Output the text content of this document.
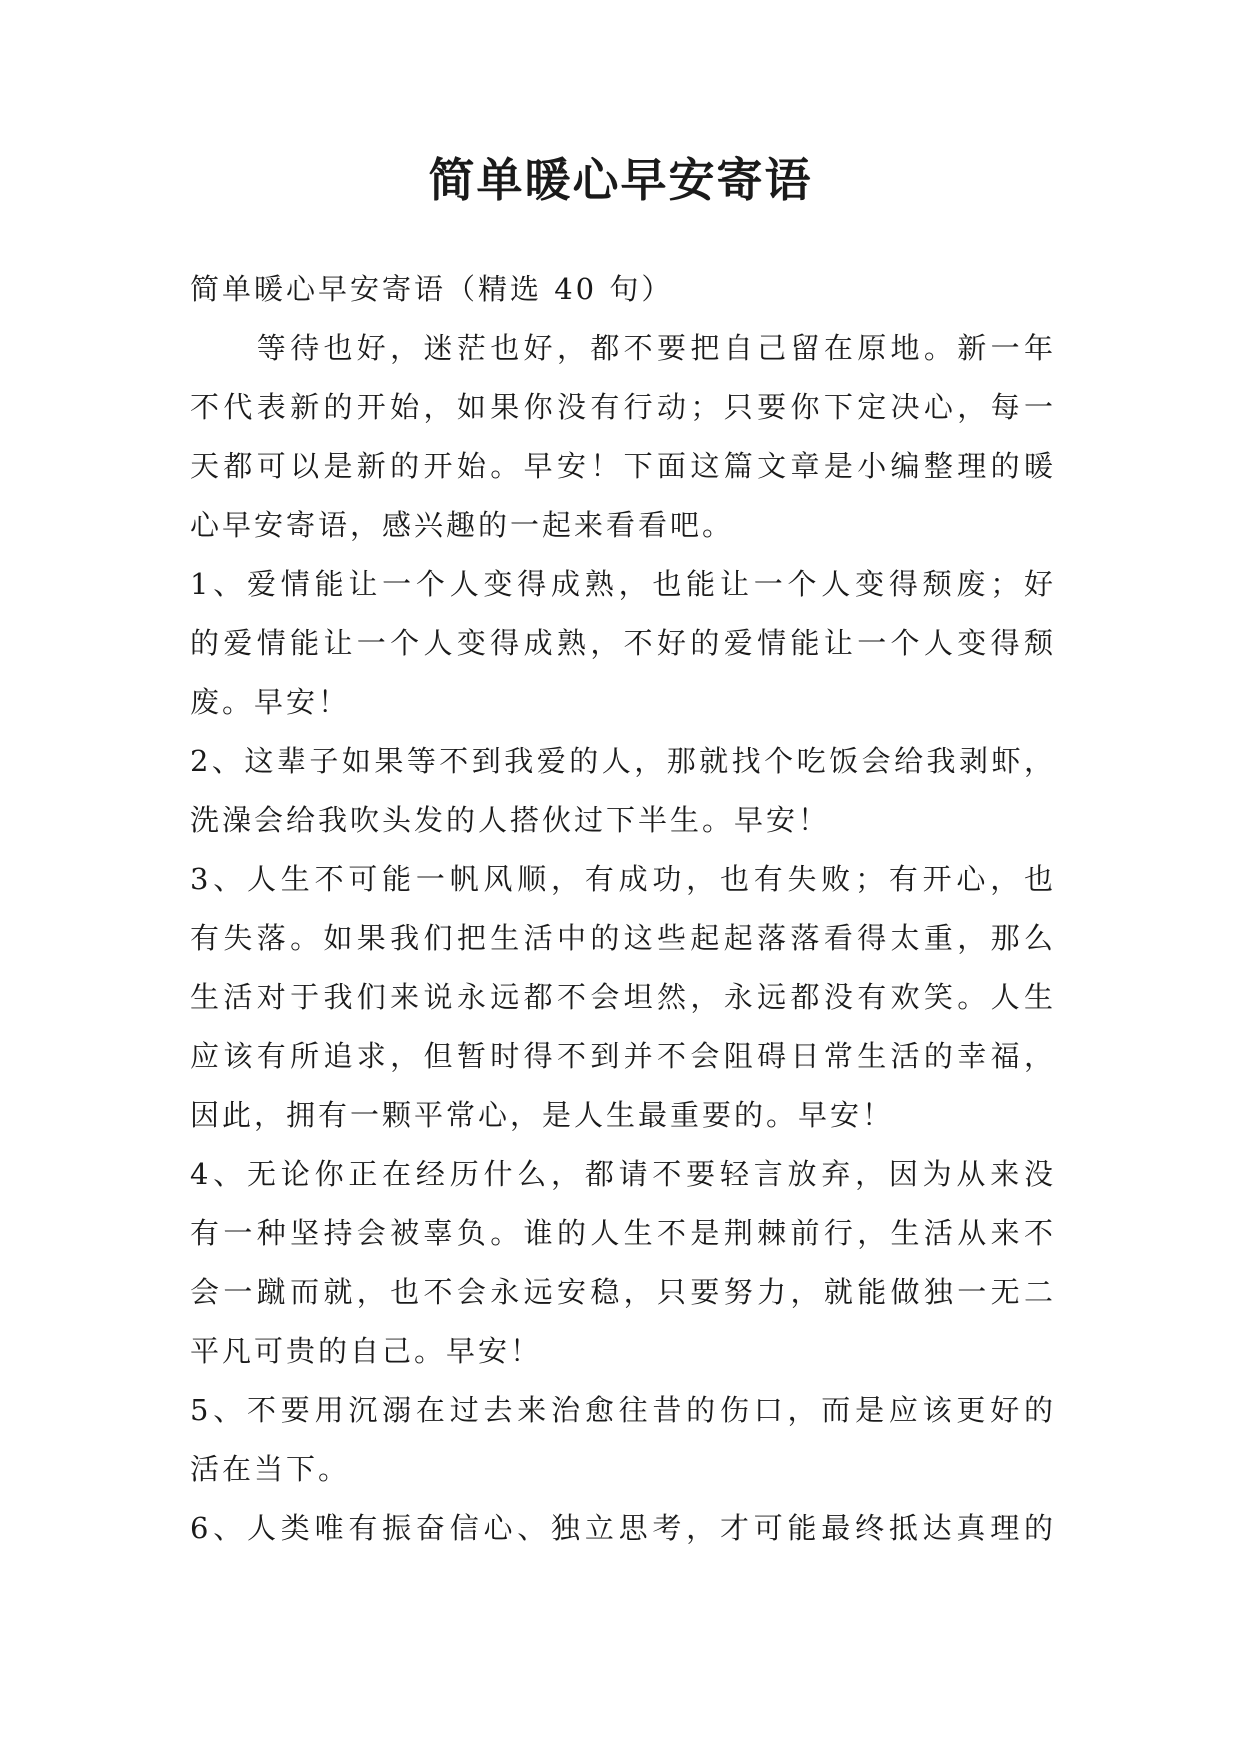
简单暖心早安寄语
简单暖心早安寄语（精选 40 句）
　　等待也好，迷茫也好，都不要把自己留在原地。新一年
不代表新的开始，如果你没有行动；只要你下定决心，每一
天都可以是新的开始。早安！下面这篇文章是小编整理的暖
心早安寄语，感兴趣的一起来看看吧。
1、爱情能让一个人变得成熟，也能让一个人变得颓废；好
的爱情能让一个人变得成熟，不好的爱情能让一个人变得颓
废。早安！
2、这辈子如果等不到我爱的人，那就找个吃饭会给我剥虾，
洗澡会给我吹头发的人搭伙过下半生。早安！
3、人生不可能一帆风顺，有成功，也有失败；有开心，也
有失落。如果我们把生活中的这些起起落落看得太重，那么
生活对于我们来说永远都不会坦然，永远都没有欢笑。人生
应该有所追求，但暂时得不到并不会阻碍日常生活的幸福，
因此，拥有一颗平常心，是人生最重要的。早安！
4、无论你正在经历什么，都请不要轻言放弃，因为从来没
有一种坚持会被辜负。谁的人生不是荆棘前行，生活从来不
会一蹴而就，也不会永远安稳，只要努力，就能做独一无二
平凡可贵的自己。早安！
5、不要用沉溺在过去来治愈往昔的伤口，而是应该更好的
活在当下。
6、人类唯有振奋信心、独立思考，才可能最终抵达真理的
